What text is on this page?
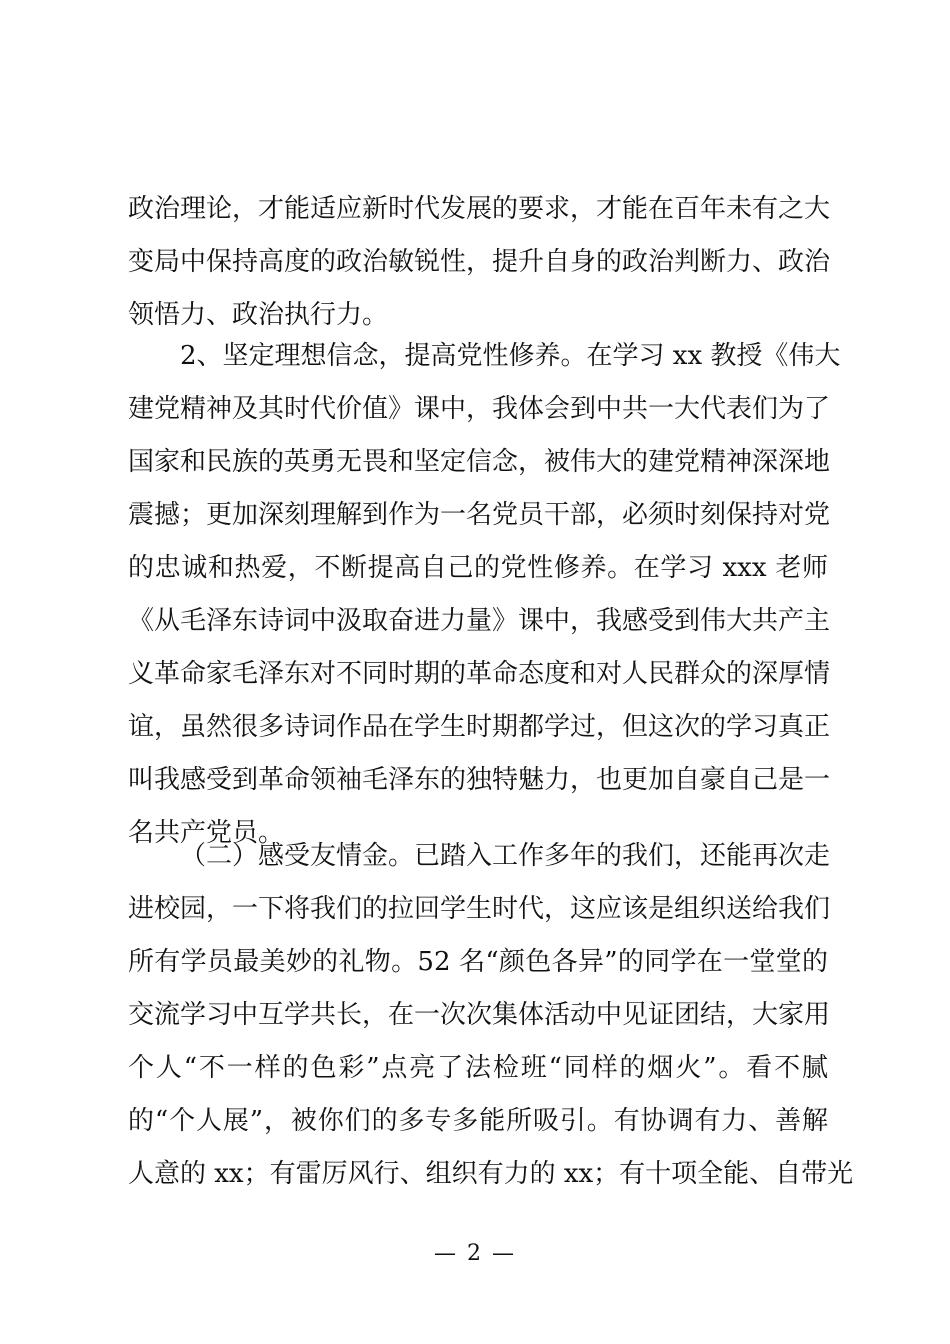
政治理论，才能适应新时代发展的要求，才能在百年未有之大
变局中保持高度的政治敏锐性，提升自身的政治判断力、政治
领悟力、政治执行力。
2、坚定理想信念，提高党性修养。在学习 xx 教授《伟大
建党精神及其时代价值》课中，我体会到中共一大代表们为了
国家和民族的英勇无畏和坚定信念，被伟大的建党精神深深地
震撼；更加深刻理解到作为一名党员干部，必须时刻保持对党
的忠诚和热爱，不断提高自己的党性修养。在学习 xxx 老师
《从毛泽东诗词中汲取奋进力量》课中，我感受到伟大共产主
义革命家毛泽东对不同时期的革命态度和对人民群众的深厚情
谊，虽然很多诗词作品在学生时期都学过，但这次的学习真正
叫我感受到革命领袖毛泽东的独特魅力，也更加自豪自己是一
名共产党员。
（二）感受友情金。已踏入工作多年的我们，还能再次走
进校园，一下将我们的拉回学生时代，这应该是组织送给我们
所有学员最美妙的礼物。52 名“颜色各异”的同学在一堂堂的
交流学习中互学共长，在一次次集体活动中见证团结，大家用
个人“不一样的色彩”点亮了法检班“同样的烟火”。看不腻
的“个人展”，被你们的多专多能所吸引。有协调有力、善解
人意的 xx；有雷厉风行、组织有力的 xx；有十项全能、自带光
— 2 —
